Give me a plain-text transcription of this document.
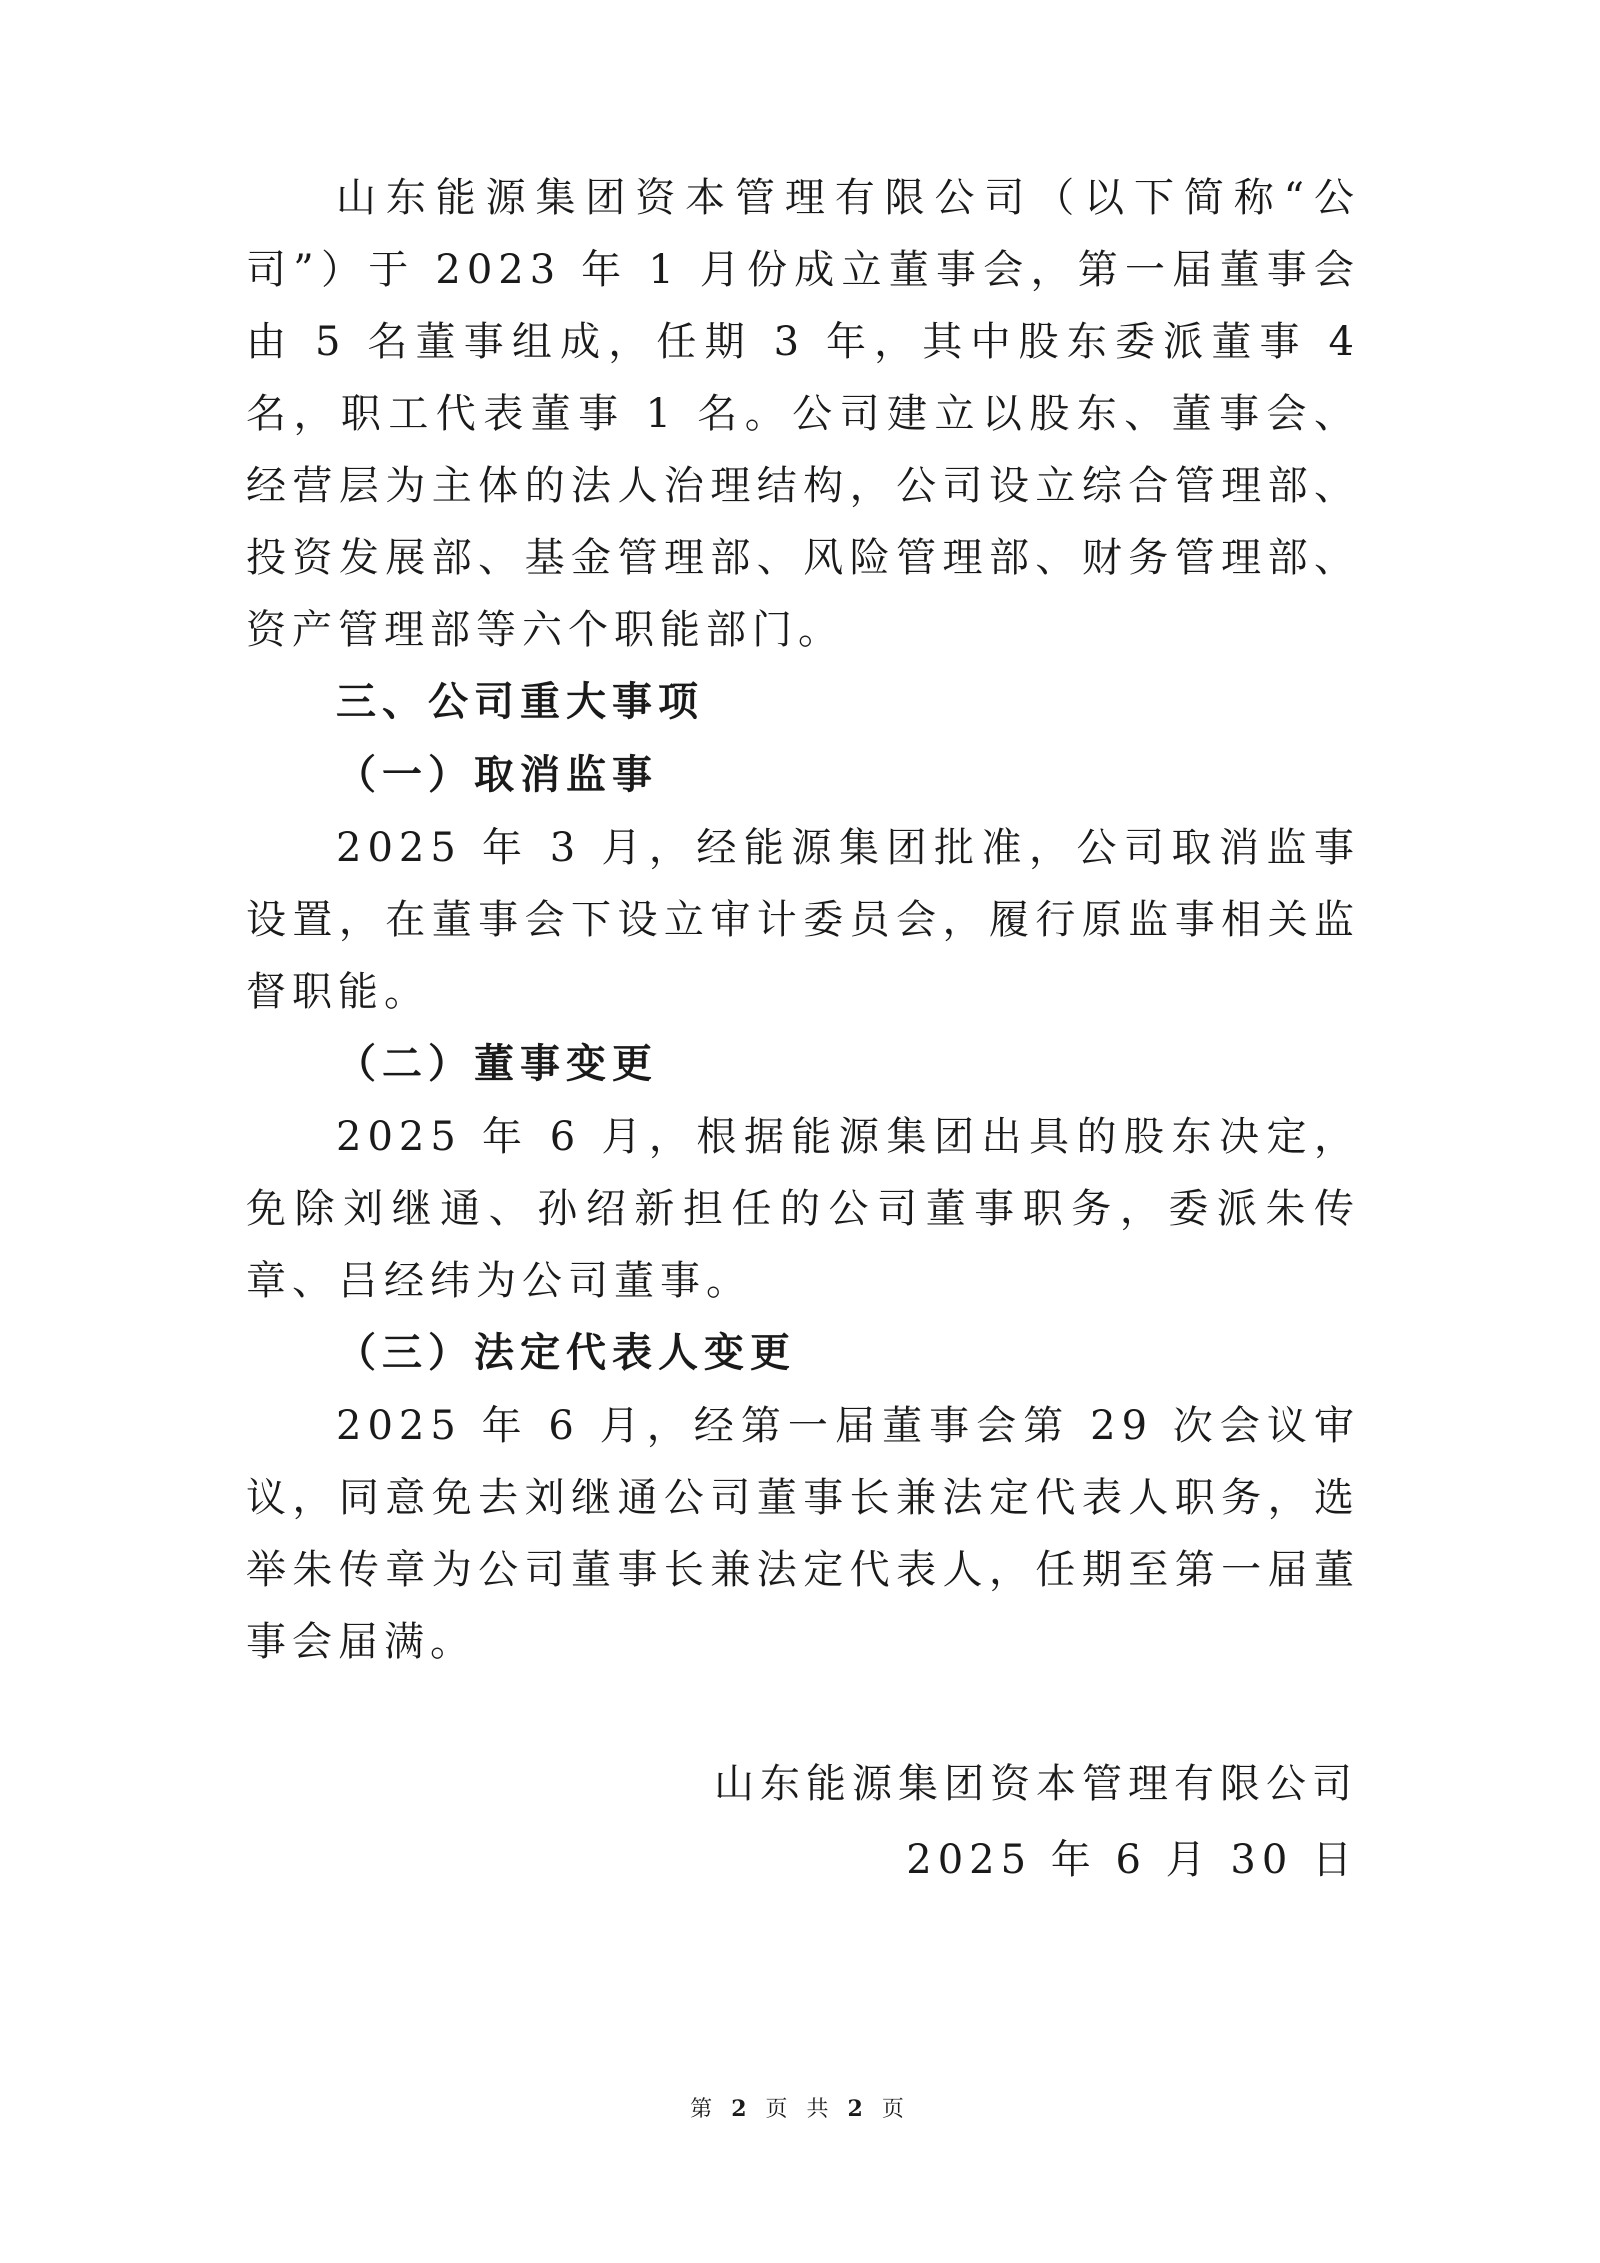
山东能源集团资本管理有限公司（以下简称“公司”）于 2023 年 1 月份成立董事会，第一届董事会由 5 名董事组成，任期 3 年，其中股东委派董事 4 名，职工代表董事 1 名。公司建立以股东、董事会、经营层为主体的法人治理结构，公司设立综合管理部、投资发展部、基金管理部、风险管理部、财务管理部、资产管理部等六个职能部门。

三、公司重大事项

（一）取消监事

2025 年 3 月，经能源集团批准，公司取消监事设置，在董事会下设立审计委员会，履行原监事相关监督职能。

（二）董事变更

2025 年 6 月，根据能源集团出具的股东决定，免除刘继通、孙绍新担任的公司董事职务，委派朱传章、吕经纬为公司董事。

（三）法定代表人变更

2025 年 6 月，经第一届董事会第 29 次会议审议，同意免去刘继通公司董事长兼法定代表人职务，选举朱传章为公司董事长兼法定代表人，任期至第一届董事会届满。

山东能源集团资本管理有限公司

2025 年 6 月 30 日

第 2 页 共 2 页
